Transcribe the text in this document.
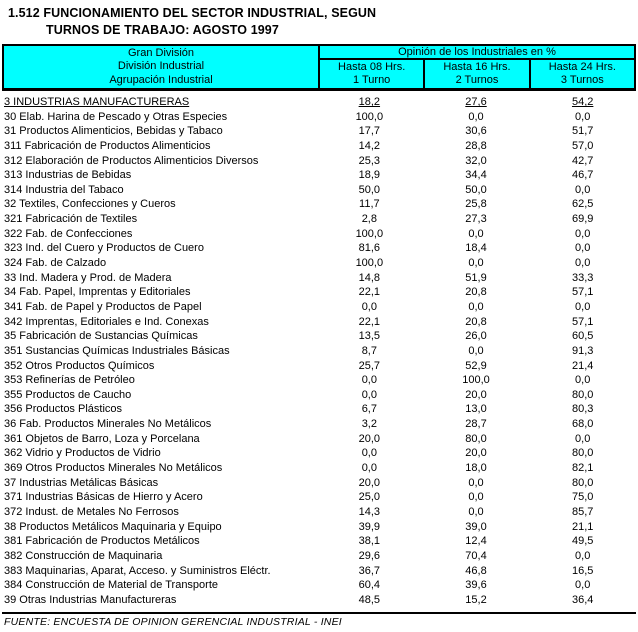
1.512 FUNCIONAMIENTO DEL SECTOR INDUSTRIAL, SEGUN
TURNOS DE TRABAJO: AGOSTO 1997
Gran División
División Industrial
Agrupación Industrial
Opinión de los Industriales en %
Hasta 08 Hrs.
1 Turno
Hasta 16 Hrs.
2 Turnos
Hasta 24 Hrs.
3 Turnos
3 INDUSTRIAS MANUFACTURERAS	18,2	27,6	54,2
30 Elab. Harina de Pescado y Otras Especies	100,0	0,0	0,0
31 Productos Alimenticios, Bebidas y Tabaco	17,7	30,6	51,7
311 Fabricación de Productos Alimenticios	14,2	28,8	57,0
312 Elaboración de Productos Alimenticios Diversos	25,3	32,0	42,7
313 Industrias de Bebidas	18,9	34,4	46,7
314 Industria del Tabaco	50,0	50,0	0,0
32 Textiles, Confecciones y Cueros	11,7	25,8	62,5
321 Fabricación de Textiles	2,8	27,3	69,9
322 Fab. de Confecciones	100,0	0,0	0,0
323 Ind. del Cuero y Productos de Cuero	81,6	18,4	0,0
324 Fab. de Calzado	100,0	0,0	0,0
33 Ind. Madera y Prod. de Madera	14,8	51,9	33,3
34 Fab. Papel, Imprentas y Editoriales	22,1	20,8	57,1
341 Fab. de Papel y Productos de Papel	0,0	0,0	0,0
342 Imprentas, Editoriales e Ind. Conexas	22,1	20,8	57,1
35 Fabricación de Sustancias Químicas	13,5	26,0	60,5
351 Sustancias Químicas Industriales Básicas	8,7	0,0	91,3
352 Otros Productos Químicos	25,7	52,9	21,4
353 Refinerías de Petróleo	0,0	100,0	0,0
355 Productos de Caucho	0,0	20,0	80,0
356 Productos Plásticos	6,7	13,0	80,3
36 Fab. Productos Minerales No Metálicos	3,2	28,7	68,0
361 Objetos de Barro, Loza y Porcelana	20,0	80,0	0,0
362 Vidrio y Productos de Vidrio	0,0	20,0	80,0
369 Otros Productos Minerales No Metálicos	0,0	18,0	82,1
37 Industrias Metálicas Básicas	20,0	0,0	80,0
371 Industrias Básicas de Hierro y Acero	25,0	0,0	75,0
372 Indust. de Metales No Ferrosos	14,3	0,0	85,7
38 Productos Metálicos Maquinaria y Equipo	39,9	39,0	21,1
381 Fabricación de Productos Metálicos	38,1	12,4	49,5
382 Construcción de Maquinaria	29,6	70,4	0,0
383 Maquinarias, Aparat, Acceso. y Suministros Eléctr.	36,7	46,8	16,5
384 Construcción de Material de Transporte	60,4	39,6	0,0
39 Otras Industrias Manufactureras	48,5	15,2	36,4
FUENTE: ENCUESTA DE OPINION GERENCIAL INDUSTRIAL - INEI
